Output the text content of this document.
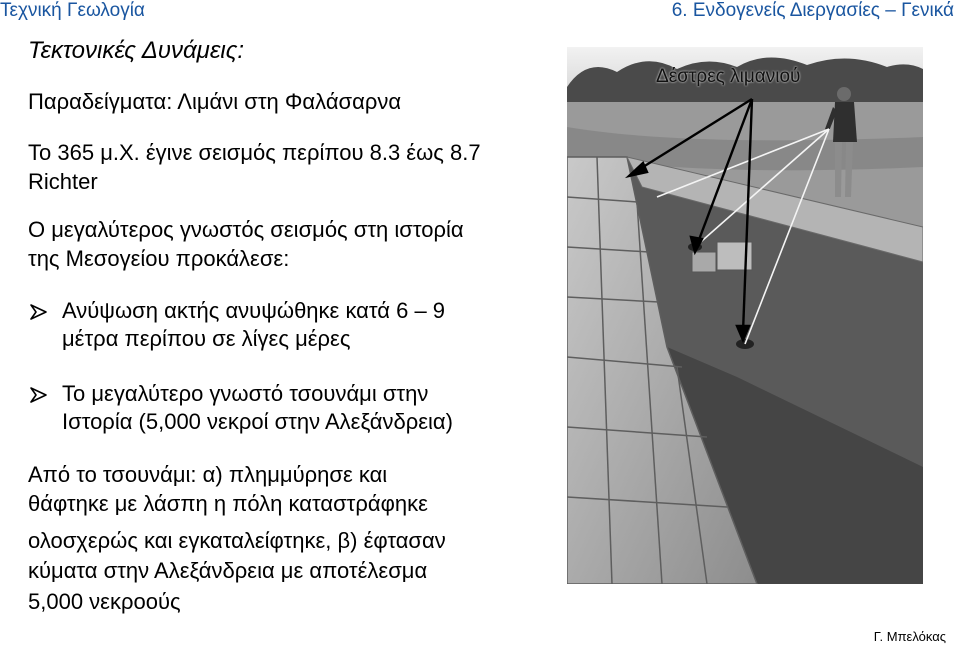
Τεχνική Γεωλογία	6. Ενδογενείς Διεργασίες – Γενικά
Τεκτονικές Δυνάμεις:
Παραδείγματα: Λιμάνι στη Φαλάσαρνα
Το 365 μ.Χ. έγινε σεισμός περίπου 8.3 έως 8.7
Richter
Ο μεγαλύτερος γνωστός σεισμός στη ιστορία
της Μεσογείου προκάλεσε:
Ανύψωση ακτής ανυψώθηκε κατά 6 – 9
μέτρα περίπου σε λίγες μέρες
Το μεγαλύτερο γνωστό τσουνάμι στην
Ιστορία (5,000 νεκροί στην Αλεξάνδρεια)
Από το τσουνάμι: α) πλημμύρησε και
θάφτηκε με λάσπη η πόλη καταστράφηκε
ολοσχερώς και εγκαταλείφτηκε, β) έφτασαν
κύματα στην Αλεξάνδρεια με αποτέλεσμα
5,000 νεκροούς
Δέστρες λιμανιού
Γ. Μπελόκας
